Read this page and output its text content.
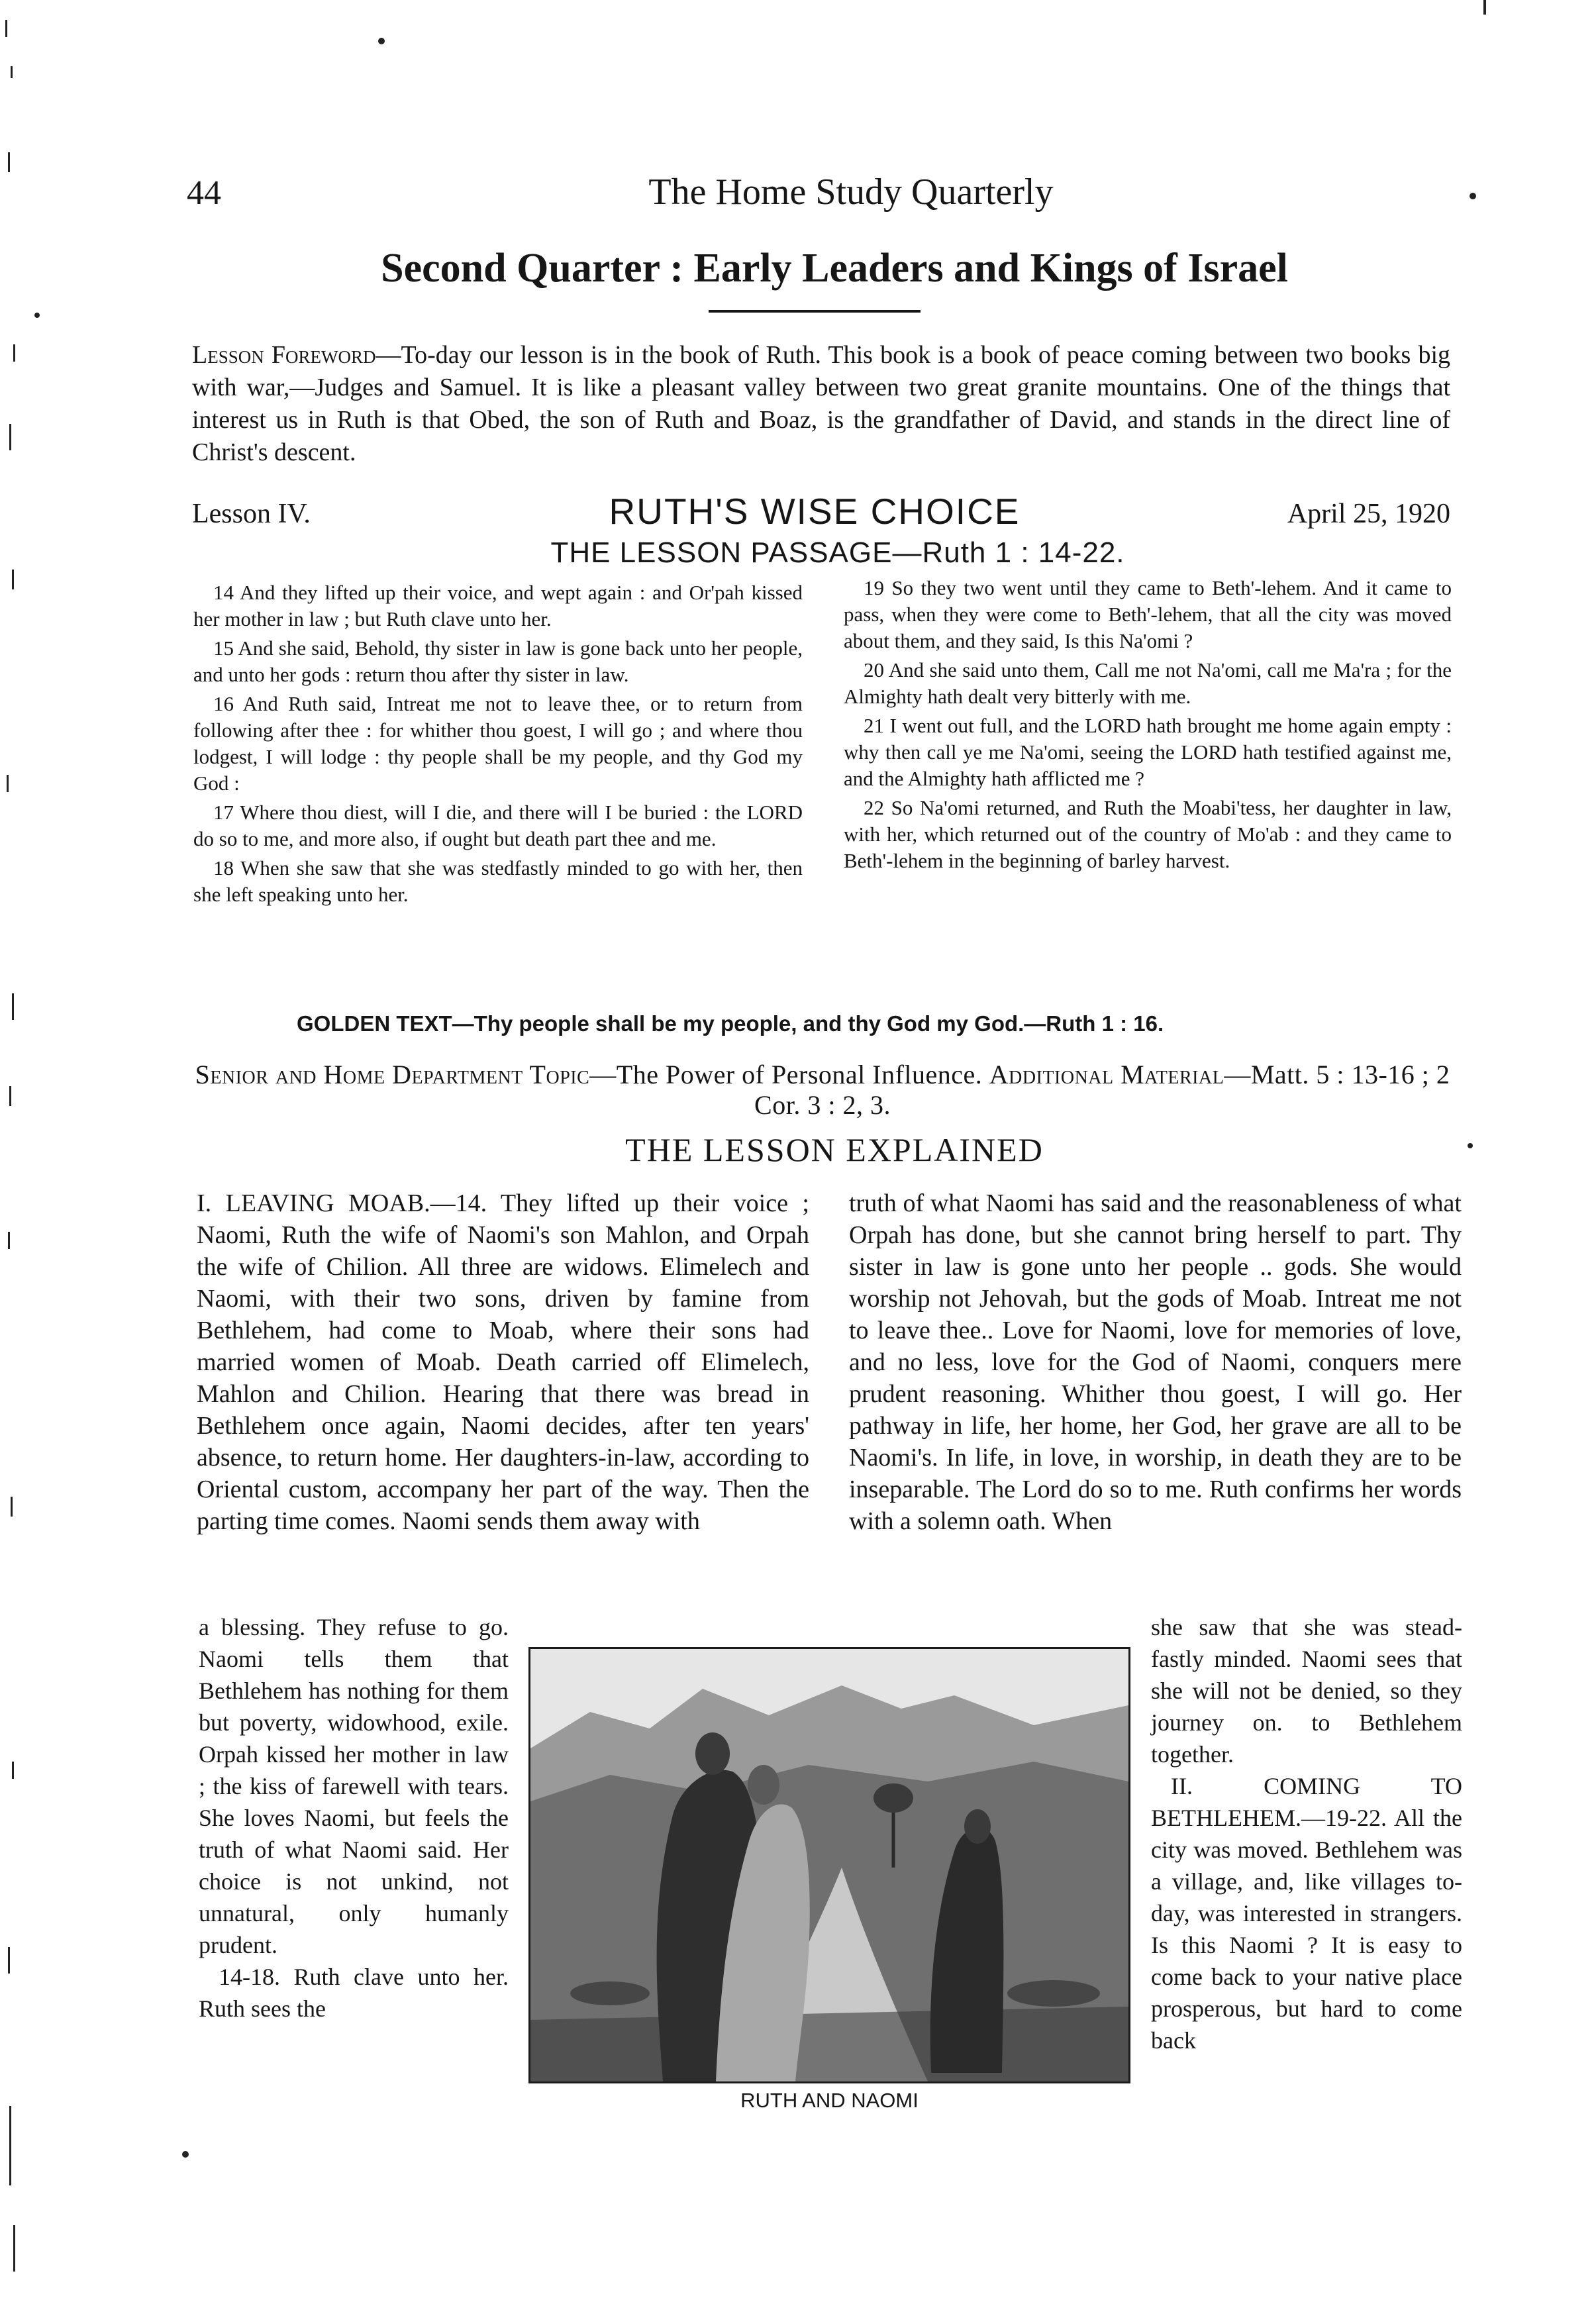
44	The Home Study Quarterly
Second Quarter : Early Leaders and Kings of Israel

Lesson Foreword—To-day our lesson is in the book of Ruth. This book is a book of peace coming between two books big with war,—Judges and Samuel. It is like a pleasant valley between two great granite mountains. One of the things that interest us in Ruth is that Obed, the son of Ruth and Boaz, is the grandfather of David, and stands in the direct line of Christ's descent.

Lesson IV.	RUTH'S WISE CHOICE	April 25, 1920
THE LESSON PASSAGE—Ruth 1 : 14-22.

14 And they lifted up their voice, and wept again : and Or'pah kissed her mother in law ; but Ruth clave unto her.

15 And she said, Behold, thy sister in law is gone back unto her people, and unto her gods : return thou after thy sister in law.

16 And Ruth said, Intreat me not to leave thee, or to return from following after thee : for whither thou goest, I will go ; and where thou lodgest, I will lodge : thy people shall be my people, and thy God my God :

17 Where thou diest, will I die, and there will I be buried : the LORD do so to me, and more also, if ought but death part thee and me.

18 When she saw that she was stedfastly minded to go with her, then she left speaking unto her.

19 So they two went until they came to Beth'-lehem. And it came to pass, when they were come to Beth'-lehem, that all the city was moved about them, and they said, Is this Na'omi ?

20 And she said unto them, Call me not Na'omi, call me Ma'ra ; for the Almighty hath dealt very bitterly with me.

21 I went out full, and the LORD hath brought me home again empty : why then call ye me Na'omi, seeing the LORD hath testified against me, and the Almighty hath afflicted me ?

22 So Na'omi returned, and Ruth the Moabi'tess, her daughter in law, with her, which returned out of the country of Mo'ab : and they came to Beth'-lehem in the beginning of barley harvest.

GOLDEN TEXT—Thy people shall be my people, and thy God my God.—Ruth 1 : 16.

Senior and Home Department Topic—The Power of Personal Influence. Additional Material—Matt. 5 : 13-16 ; 2 Cor. 3 : 2, 3.

THE LESSON EXPLAINED

I. LEAVING MOAB.—14. They lifted up their voice ; Naomi, Ruth the wife of Naomi's son Mahlon, and Orpah the wife of Chilion. All three are widows. Elimelech and Naomi, with their two sons, driven by famine from Bethlehem, had come to Moab, where their sons had married women of Moab. Death carried off Elimelech, Mahlon and Chilion. Hearing that there was bread in Bethlehem once again, Naomi decides, after ten years' absence, to return home. Her daughters-in-law, according to Oriental custom, accompany her part of the way. Then the parting time comes. Naomi sends them away with

truth of what Naomi has said and the reasonableness of what Orpah has done, but she cannot bring herself to part. Thy sister in law is gone unto her people .. gods. She would worship not Jehovah, but the gods of Moab. Intreat me not to leave thee.. Love for Naomi, love for memories of love, and no less, love for the God of Naomi, conquers mere prudent reasoning. Whither thou goest, I will go. Her pathway in life, her home, her God, her grave are all to be Naomi's. In life, in love, in worship, in death they are to be inseparable. The Lord do so to me. Ruth confirms her words with a solemn oath. When

a blessing. They refuse to go. Naomi tells them that Bethlehem has nothing for them but poverty, widowhood, exile. Orpah kissed her mother in law ; the kiss of farewell with tears. She loves Naomi, but feels the truth of what Naomi said. Her choice is not unkind, not unnatural, only humanly prudent.

14-18. Ruth clave unto her. Ruth sees the

she saw that she was stead-fastly minded. Naomi sees that she will not be denied, so they journey on. to Bethlehem together.

II. COMING TO BETHLEHEM.—19-22. All the city was moved. Bethlehem was a village, and, like villages to-day, was interested in strangers. Is this Naomi ? It is easy to come back to your native place prosperous, but hard to come back

RUTH AND NAOMI
